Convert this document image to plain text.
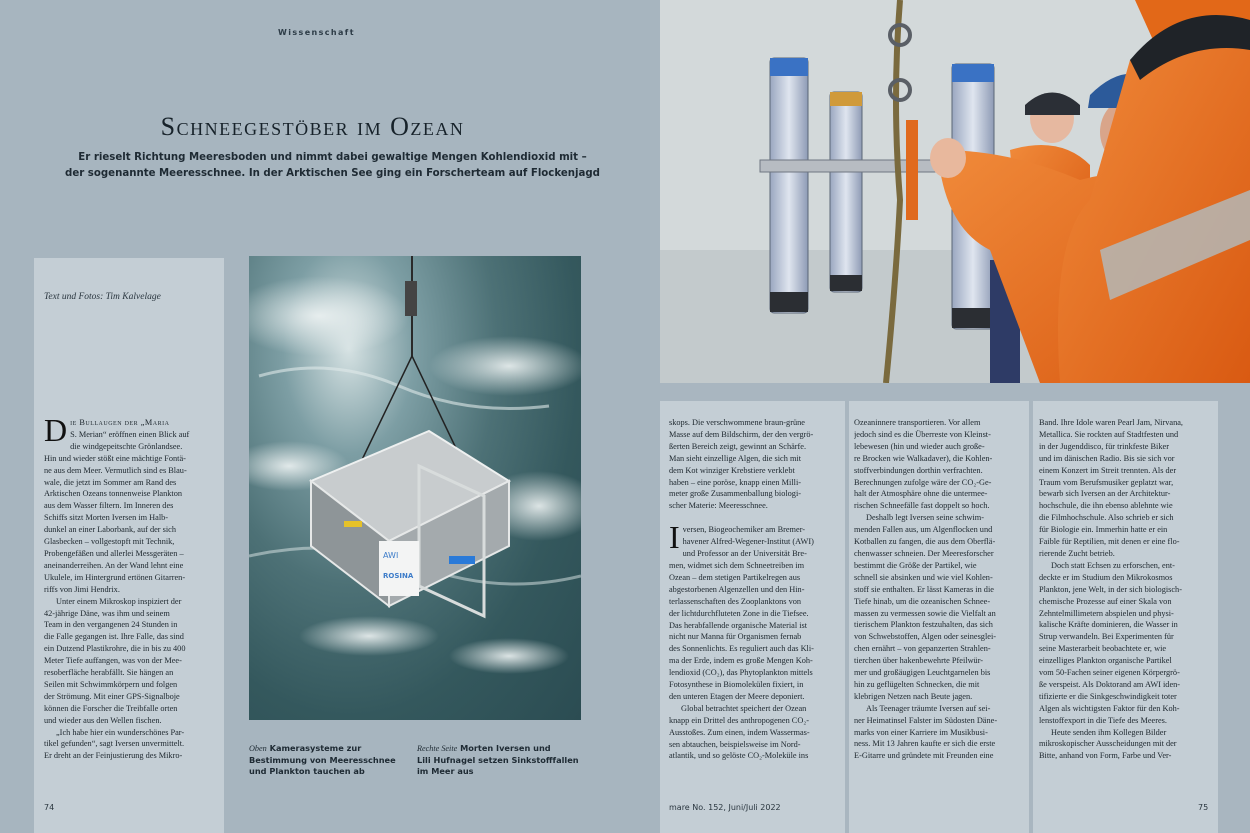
Wissenschaft
Schneegestöber im Ozean
Er rieselt Richtung Meeresboden und nimmt dabei gewaltige Mengen Kohlendioxid mit –
der sogenannte Meeresschnee. In der Arktischen See ging ein Forscherteam auf Flockenjagd
Text und Fotos: Tim Kalvelage

D ie Bullaugen der „Maria
S. Merian“ eröffnen einen Blick auf
die windgepeitschte Grönlandsee.
Hin und wieder stößt eine mächtige Fontä-
ne aus dem Meer. Vermutlich sind es Blau-
wale, die jetzt im Sommer am Rand des
Arktischen Ozeans tonnenweise Plankton
aus dem Wasser filtern. Im Inneren des
Schiffs sitzt Morten Iversen im Halb-
dunkel an einer Laborbank, auf der sich
Glasbecken – vollgestopft mit Technik,
Probengefäßen und allerlei Messgeräten –
aneinanderreihen. An der Wand lehnt eine
Ukulele, im Hintergrund ertönen Gitarren-
riffs von Jimi Hendrix.

Unter einem Mikroskop inspiziert der
42-jährige Däne, was ihm und seinem
Team in den vergangenen 24 Stunden in
die Falle gegangen ist. Ihre Falle, das sind
ein Dutzend Plastikrohre, die in bis zu 400
Meter Tiefe auffangen, was von der Mee-
resoberfläche herabfällt. Sie hängen an
Seilen mit Schwimmkörpern und folgen
der Strömung. Mit einer GPS-Signalboje
können die Forscher die Treibfalle orten
und wieder aus den Wellen fischen.

„Ich habe hier ein wunderschönes Par-
tikel gefunden“, sagt Iversen unvermittelt.
Er dreht an der Feinjustierung des Mikro-

AWI
ROSINA
Oben Kamerasysteme zur
Bestimmung von Meeresschnee
und Plankton tauchen ab
Rechte Seite Morten Iversen und
Lili Hufnagel setzen Sinkstofffallen
im Meer aus
74

skops. Die verschwommene braun-grüne
Masse auf dem Bildschirm, der den vergrö-
ßerten Bereich zeigt, gewinnt an Schärfe.
Man sieht einzellige Algen, die sich mit
dem Kot winziger Krebstiere verklebt
haben – eine poröse, knapp einen Milli-
meter große Zusammenballung biologi-
scher Materie: Meeresschnee.

I versen, Biogeochemiker am Bremer-
havener Alfred-Wegener-Institut (AWI)
und Professor an der Universität Bre-
men, widmet sich dem Schneetreiben im
Ozean – dem stetigen Partikelregen aus
abgestorbenen Algenzellen und den Hin-
terlassenschaften des Zooplanktons von
der lichtdurchfluteten Zone in die Tiefsee.
Das herabfallende organische Material ist
nicht nur Manna für Organismen fernab
des Sonnenlichts. Es reguliert auch das Kli-
ma der Erde, indem es große Mengen Koh-
lendioxid (CO₂), das Phytoplankton mittels
Fotosynthese in Biomolekülen fixiert, in
den unteren Etagen der Meere deponiert.

Global betrachtet speichert der Ozean
knapp ein Drittel des anthropogenen CO₂-
Ausstoßes. Zum einen, indem Wassermas-
sen abtauchen, beispielsweise im Nord-
atlantik, und so gelöste CO₂-Moleküle ins

Ozeaninnere transportieren. Vor allem
jedoch sind es die Überreste von Kleinst-
lebewesen (hin und wieder auch große-
re Brocken wie Walkadaver), die Kohlen-
stoffverbindungen dorthin verfrachten.
Berechnungen zufolge wäre der CO₂-Ge-
halt der Atmosphäre ohne die untermee-
rischen Schneefälle fast doppelt so hoch.

Deshalb legt Iversen seine schwim-
menden Fallen aus, um Algenflocken und
Kotballen zu fangen, die aus dem Oberflä-
chenwasser schneien. Der Meeresforscher
bestimmt die Größe der Partikel, wie
schnell sie absinken und wie viel Kohlen-
stoff sie enthalten. Er lässt Kameras in die
Tiefe hinab, um die ozeanischen Schnee-
massen zu vermessen sowie die Vielfalt an
tierischem Plankton festzuhalten, das sich
von Schwebstoffen, Algen oder seinesglei-
chen ernährt – von gepanzerten Strahlen-
tierchen über hakenbewehrte Pfeilwür-
mer und großäugigen Leuchtgarnelen bis
hin zu geflügelten Schnecken, die mit
klebrigen Netzen nach Beute jagen.

Als Teenager träumte Iversen auf sei-
ner Heimatinsel Falster im Südosten Däne-
marks von einer Karriere im Musikbusi-
ness. Mit 13 Jahren kaufte er sich die erste
E-Gitarre und gründete mit Freunden eine

Band. Ihre Idole waren Pearl Jam, Nirvana,
Metallica. Sie rockten auf Stadtfesten und
in der Jugenddisco, für trinkfeste Biker
und im dänischen Radio. Bis sie sich vor
einem Konzert im Streit trennten. Als der
Traum vom Berufsmusiker geplatzt war,
bewarb sich Iversen an der Architektur-
hochschule, die ihn ebenso ablehnte wie
die Filmhochschule. Also schrieb er sich
für Biologie ein. Immerhin hatte er ein
Faible für Reptilien, mit denen er eine flo-
rierende Zucht betrieb.

Doch statt Echsen zu erforschen, ent-
deckte er im Studium den Mikrokosmos
Plankton, jene Welt, in der sich biologisch-
chemische Prozesse auf einer Skala von
Zehntelmillimetern abspielen und physi-
kalische Kräfte dominieren, die Wasser in
Strup verwandeln. Bei Experimenten für
seine Masterarbeit beobachtete er, wie
einzelliges Plankton organische Partikel
vom 50-Fachen seiner eigenen Körpergrö-
ße verspeist. Als Doktorand am AWI iden-
tifizierte er die Sinkgeschwindigkeit toter
Algen als wichtigsten Faktor für den Koh-
lenstoffexport in die Tiefe des Meeres.

Heute senden ihm Kollegen Bilder
mikroskopischer Ausscheidungen mit der
Bitte, anhand von Form, Farbe und Ver-

mare No. 152, Juni/Juli 2022	75
